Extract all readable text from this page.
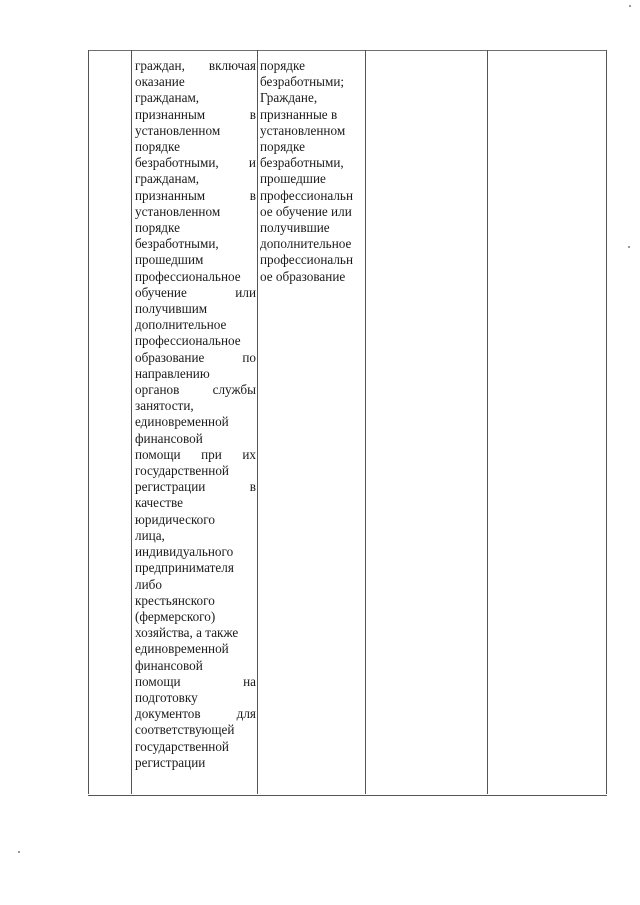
граждан, включая
оказание
гражданам,
признанным в
установленном
порядке
безработными, и
гражданам,
признанным в
установленном
порядке
безработными,
прошедшим
профессиональное
обучение или
получившим
дополнительное
профессиональное
образование по
направлению
органов службы
занятости,
единовременной
финансовой
помощи при их
государственной
регистрации в
качестве
юридического
лица,
индивидуального
предпринимателя
либо
крестьянского
(фермерского)
хозяйства, а также
единовременной
финансовой
помощи на
подготовку
документов для
соответствующей
государственной
регистрации
порядке
безработными;
Граждане,
признанные в
установленном
порядке
безработными,
прошедшие
профессиональн
ое обучение или
получившие
дополнительное
профессиональн
ое образование
